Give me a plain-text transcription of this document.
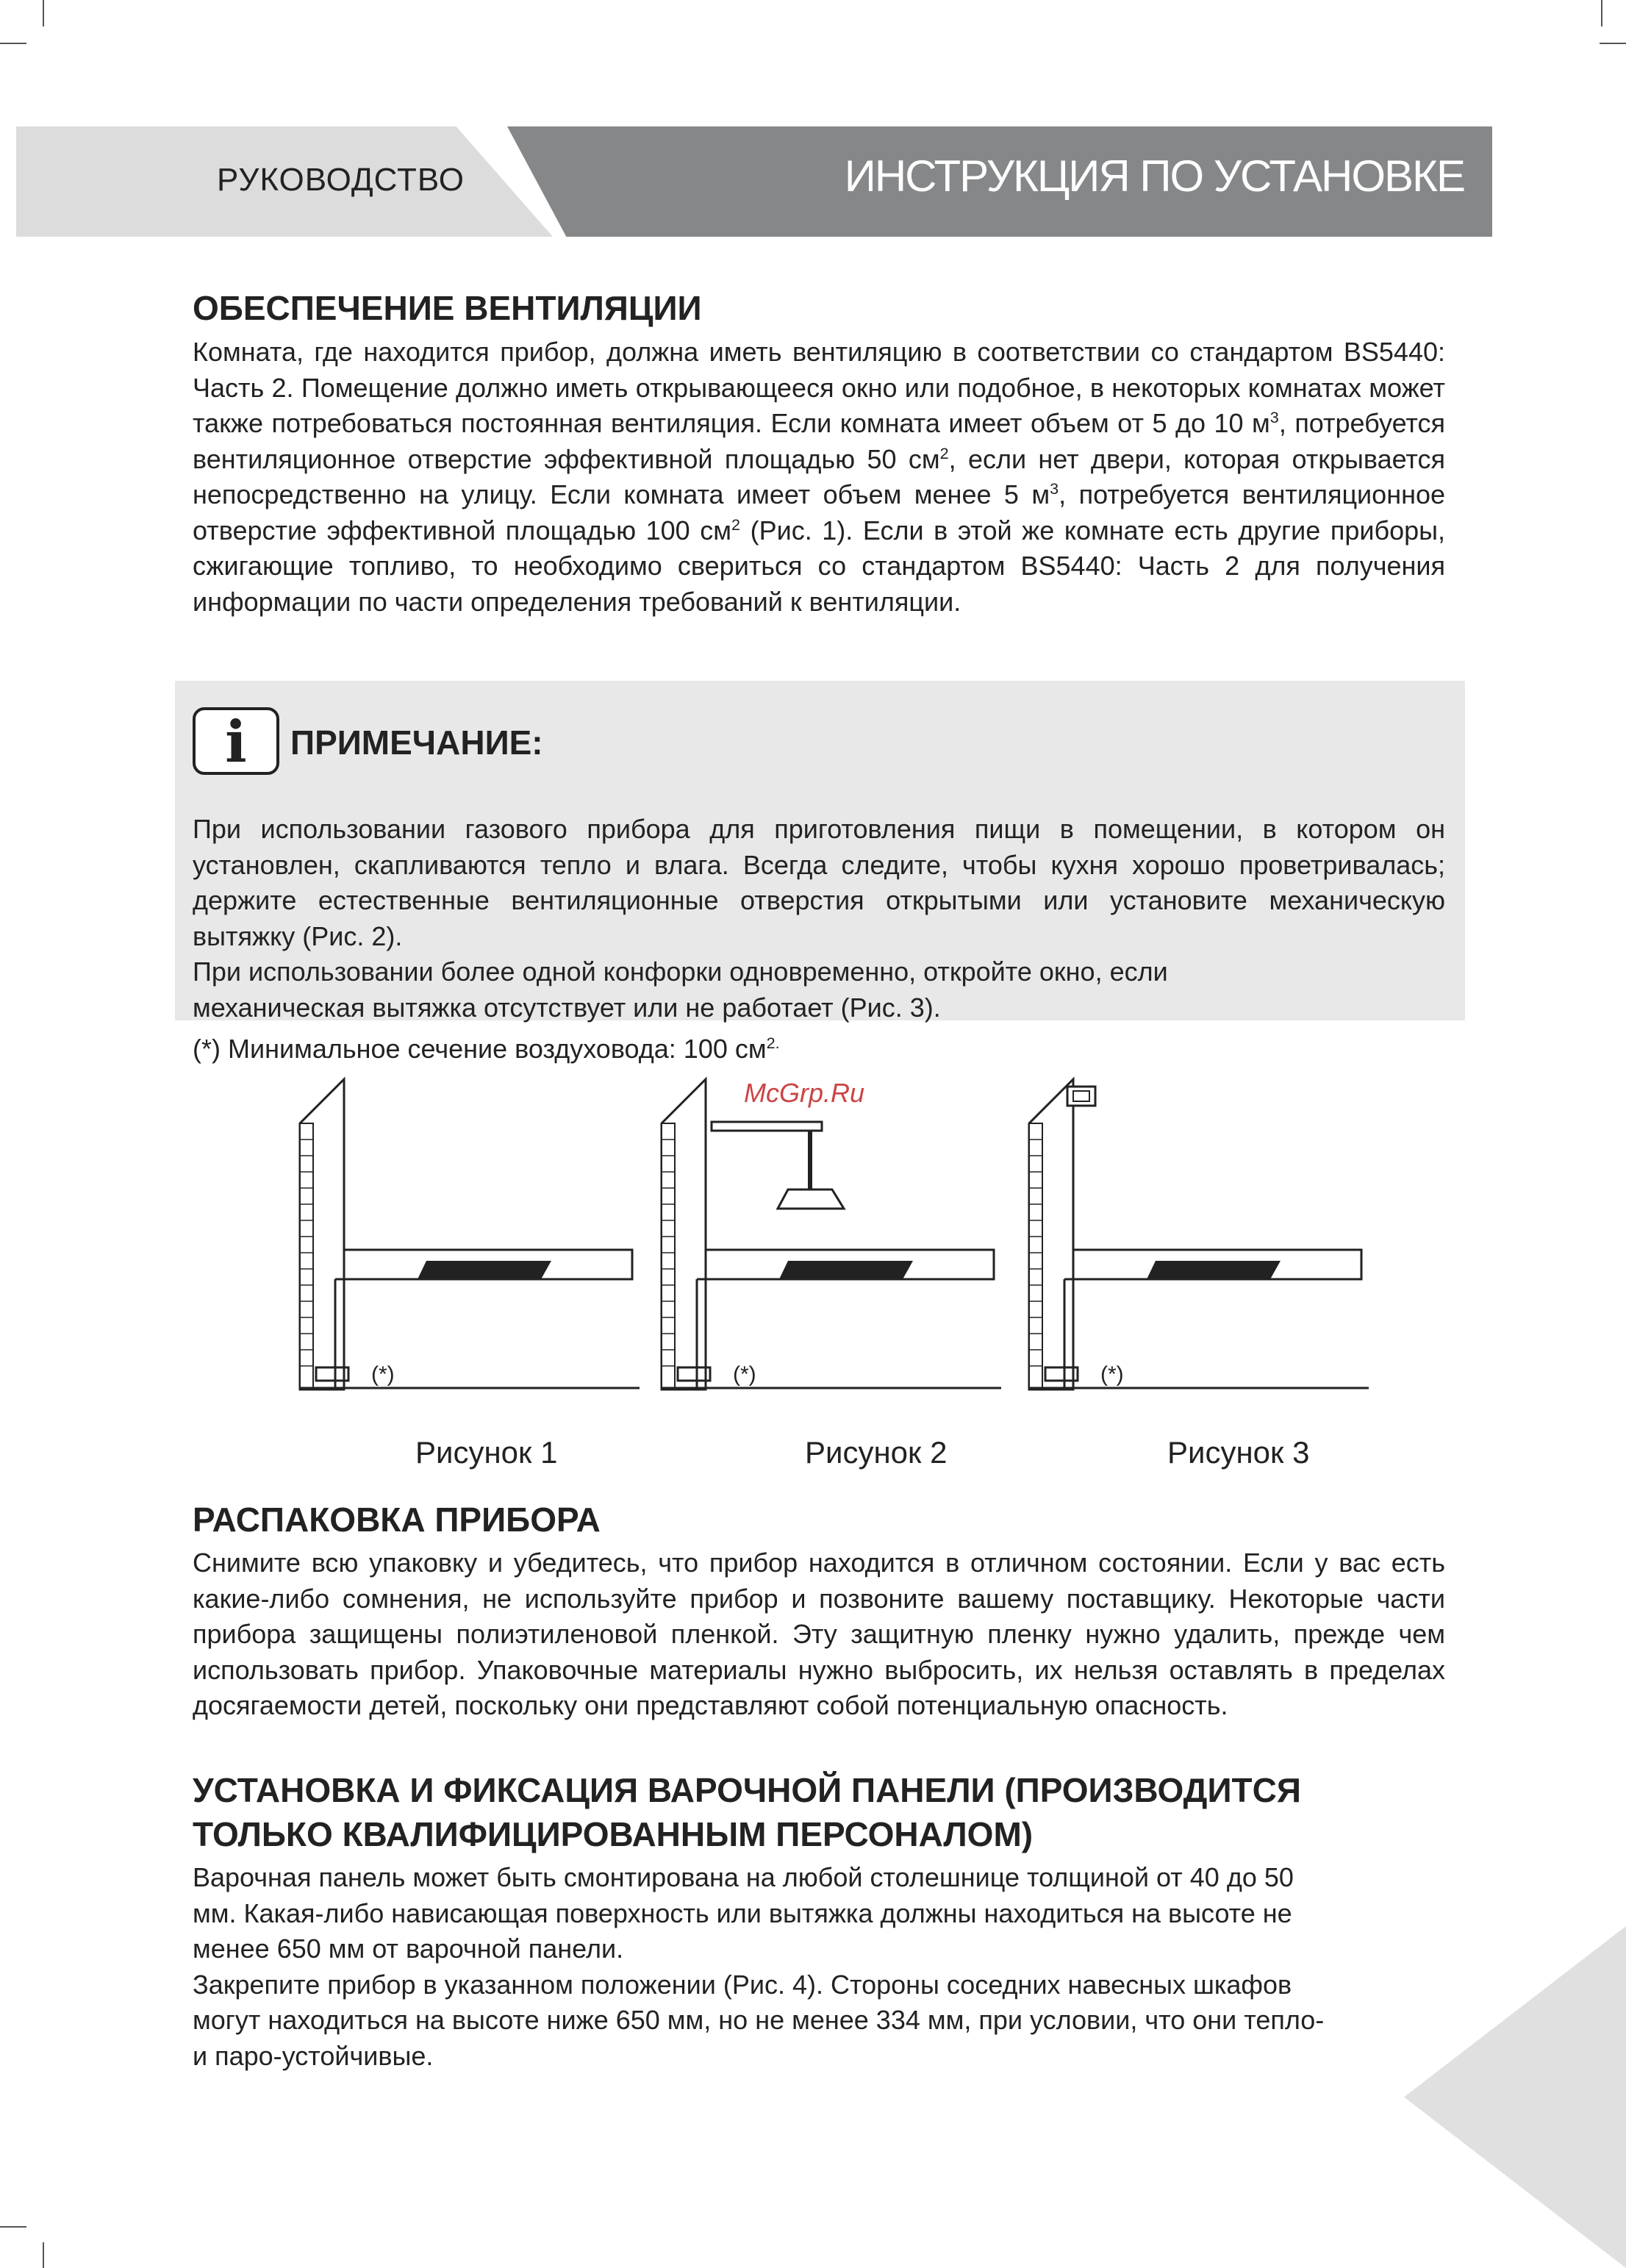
РУКОВОДСТВО	ИНСТРУКЦИЯ ПО УСТАНОВКЕ
ОБЕСПЕЧЕНИЕ ВЕНТИЛЯЦИИ

Комната, где находится прибор, должна иметь вентиляцию в соответствии со стандартом BS5440: Часть 2. Помещение должно иметь открывающееся окно или подобное, в некоторых комнатах может также потребоваться постоянная вентиляция. Если комната имеет объем от 5 до 10 $м^3$, потребуется вентиляционное отверстие эффективной площадью 50 $см^2$, если нет двери, которая открывается непосредственно на улицу. Если комната имеет объем менее 5 $м^3$, потребуется вентиляционное отверстие эффективной площадью 100 $см^2$ (Рис. 1). Если в этой же комнате есть другие приборы, сжигающие топливо, то необходимо свериться со стандартом BS5440: Часть 2 для получения информации по части определения требований к вентиляции.

i ПРИМЕЧАНИЕ:

При использовании газового прибора для приготовления пищи в помещении, в котором он установлен, скапливаются тепло и влага. Всегда следите, чтобы кухня хорошо проветривалась; держите естественные вентиляционные отверстия открытыми или установите механическую вытяжку (Рис. 2).

При использовании более одной конфорки одновременно, откройте окно, если

механическая вытяжка отсутствует или не работает (Рис. 3).

(*) Минимальное сечение воздуховода: 100 $см^{2.}$
(*)	(*)	(*)
McGrp.Ru
Рисунок 1	Рисунок 2	Рисунок 3
РАСПАКОВКА ПРИБОРА

Снимите всю упаковку и убедитесь, что прибор находится в отличном состоянии. Если у вас есть какие-либо сомнения, не используйте прибор и позвоните вашему поставщику. Некоторые части прибора защищены полиэтиленовой пленкой. Эту защитную пленку нужно удалить, прежде чем использовать прибор. Упаковочные материалы нужно выбросить, их нельзя оставлять в пределах досягаемости детей, поскольку они представляют собой потенциальную опасность.

УСТАНОВКА И ФИКСАЦИЯ ВАРОЧНОЙ ПАНЕЛИ (ПРОИЗВОДИТСЯ
ТОЛЬКО КВАЛИФИЦИРОВАННЫМ ПЕРСОНАЛОМ)

Варочная панель может быть смонтирована на любой столешнице толщиной от 40 до 50

мм. Какая-либо нависающая поверхность или вытяжка должны находиться на высоте не

менее 650 мм от варочной панели.

Закрепите прибор в указанном положении (Рис. 4). Стороны соседних навесных шкафов

могут находиться на высоте ниже 650 мм, но не менее 334 мм, при условии, что они тепло-

и паро-устойчивые.
